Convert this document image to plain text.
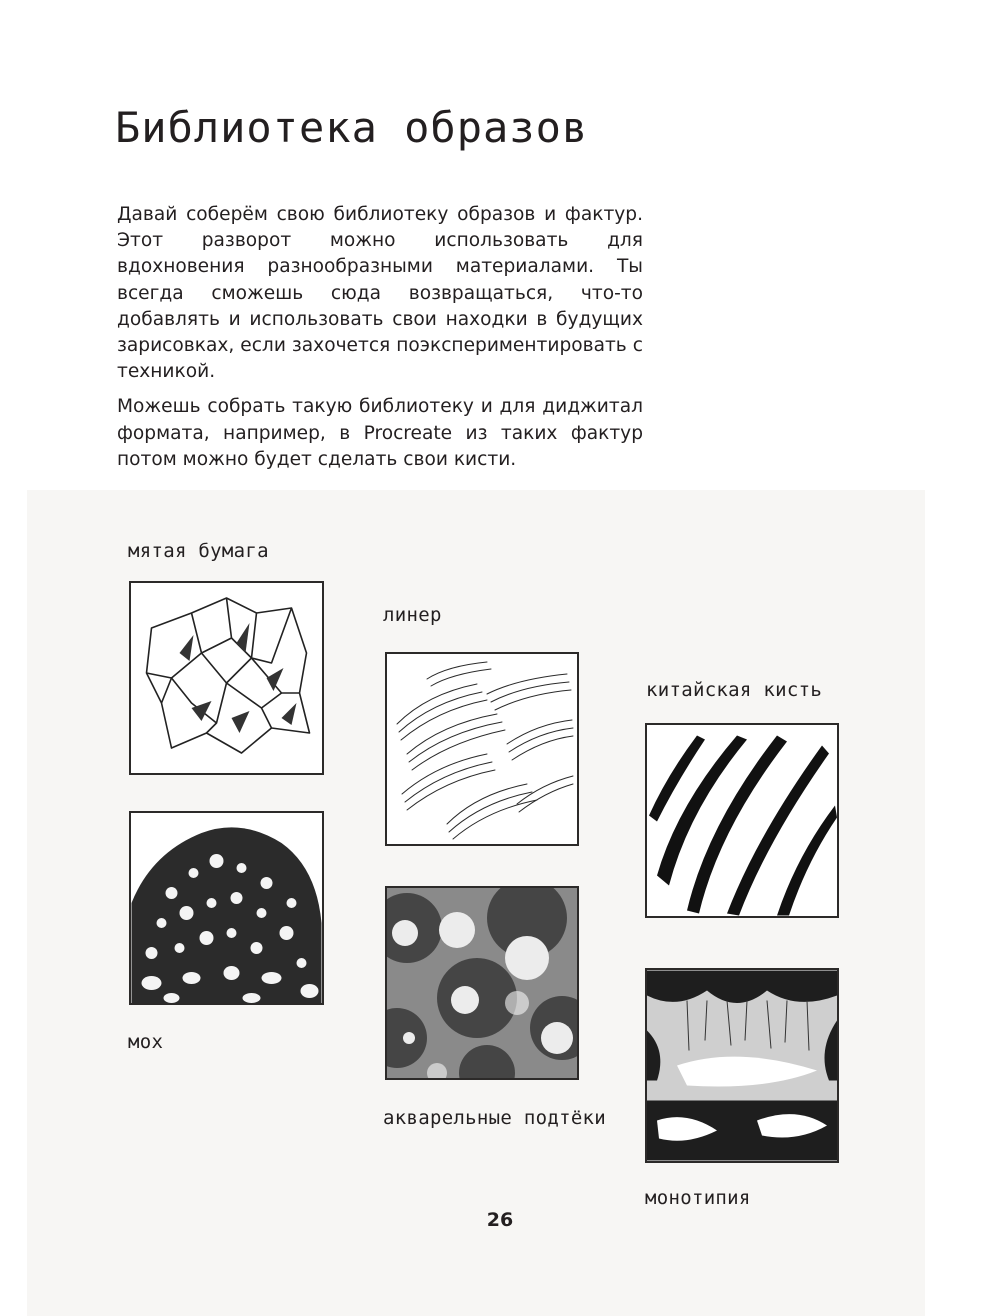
Библиотека образов

Давай соберём свою библиотеку образов и фактур. Этот разворот можно использовать для вдохновения разнообразными материалами. Ты всегда сможешь сюда возвращаться, что-то добавлять и использовать свои находки в будущих зарисовках, если захочется поэкспериментировать с техникой.

Можешь собрать такую библиотеку и для диджитал формата, например, в Procreate из таких фактур потом можно будет сделать свои кисти.

мятая бумага
линер
китайская кисть
мох
акварельные подтёки
монотипия
26
